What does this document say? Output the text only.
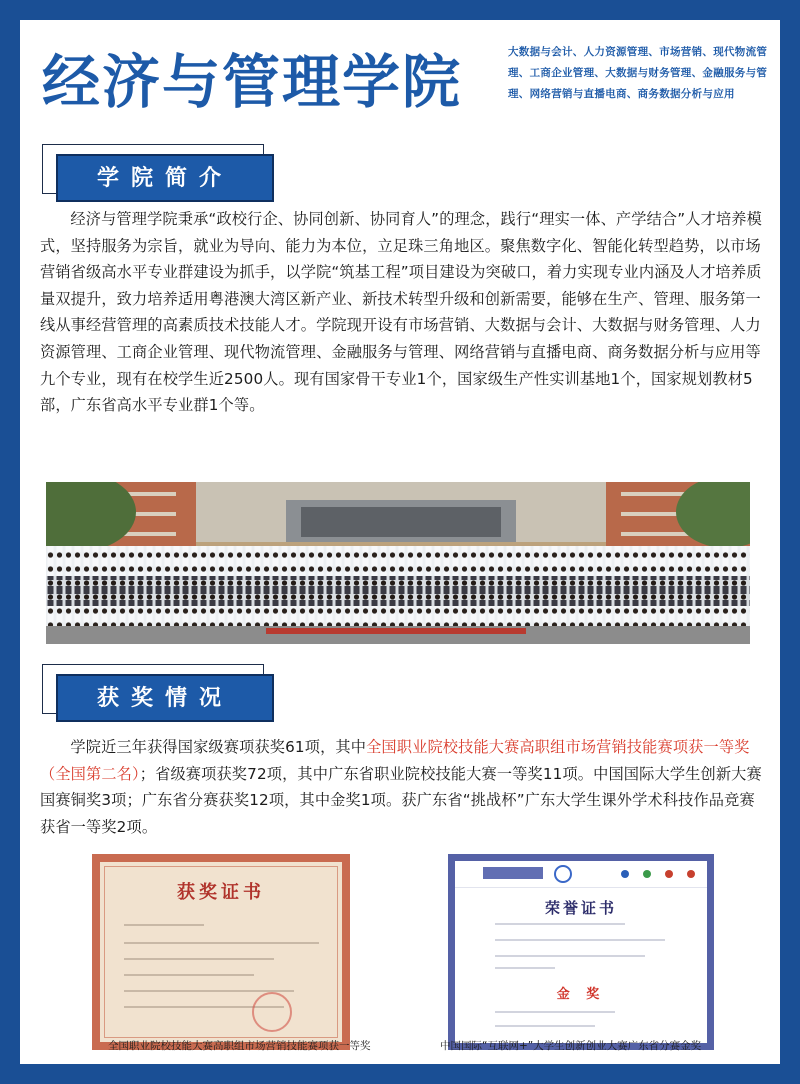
经济与管理学院	大数据与会计、人力资源管理、市场营销、现代物流管理、工商企业管理、大数据与财务管理、金融服务与管理、网络营销与直播电商、商务数据分析与应用
学院简介

经济与管理学院秉承“政校行企、协同创新、协同育人”的理念，践行“理实一体、产学结合”人才培养模式，坚持服务为宗旨，就业为导向、能力为本位，立足珠三角地区。聚焦数字化、智能化转型趋势，以市场营销省级高水平专业群建设为抓手，以学院“筑基工程”项目建设为突破口，着力实现专业内涵及人才培养质量双提升，致力培养适用粤港澳大湾区新产业、新技术转型升级和创新需要，能够在生产、管理、服务第一线从事经营管理的高素质技术技能人才。学院现开设有市场营销、大数据与会计、大数据与财务管理、人力资源管理、工商企业管理、现代物流管理、金融服务与管理、网络营销与直播电商、商务数据分析与应用等九个专业，现有在校学生近2500人。现有国家骨干专业1个，国家级生产性实训基地1个，国家规划教材5部，广东省高水平专业群1个等。

获奖情况

学院近三年获得国家级赛项获奖61项，其中全国职业院校技能大赛高职组市场营销技能赛项获一等奖（全国第二名）；省级赛项获奖72项，其中广东省职业院校技能大赛一等奖11项。中国国际大学生创新大赛国赛铜奖3项；广东省分赛获奖12项，其中金奖1项。获广东省“挑战杯”广东大学生课外学术科技作品竞赛获省一等奖2项。

获奖证书
全国职业院校技能大赛高职组市场营销技能赛项获一等奖
荣誉证书
金 奖
中国国际“互联网+”大学生创新创业大赛广东省分赛金奖
